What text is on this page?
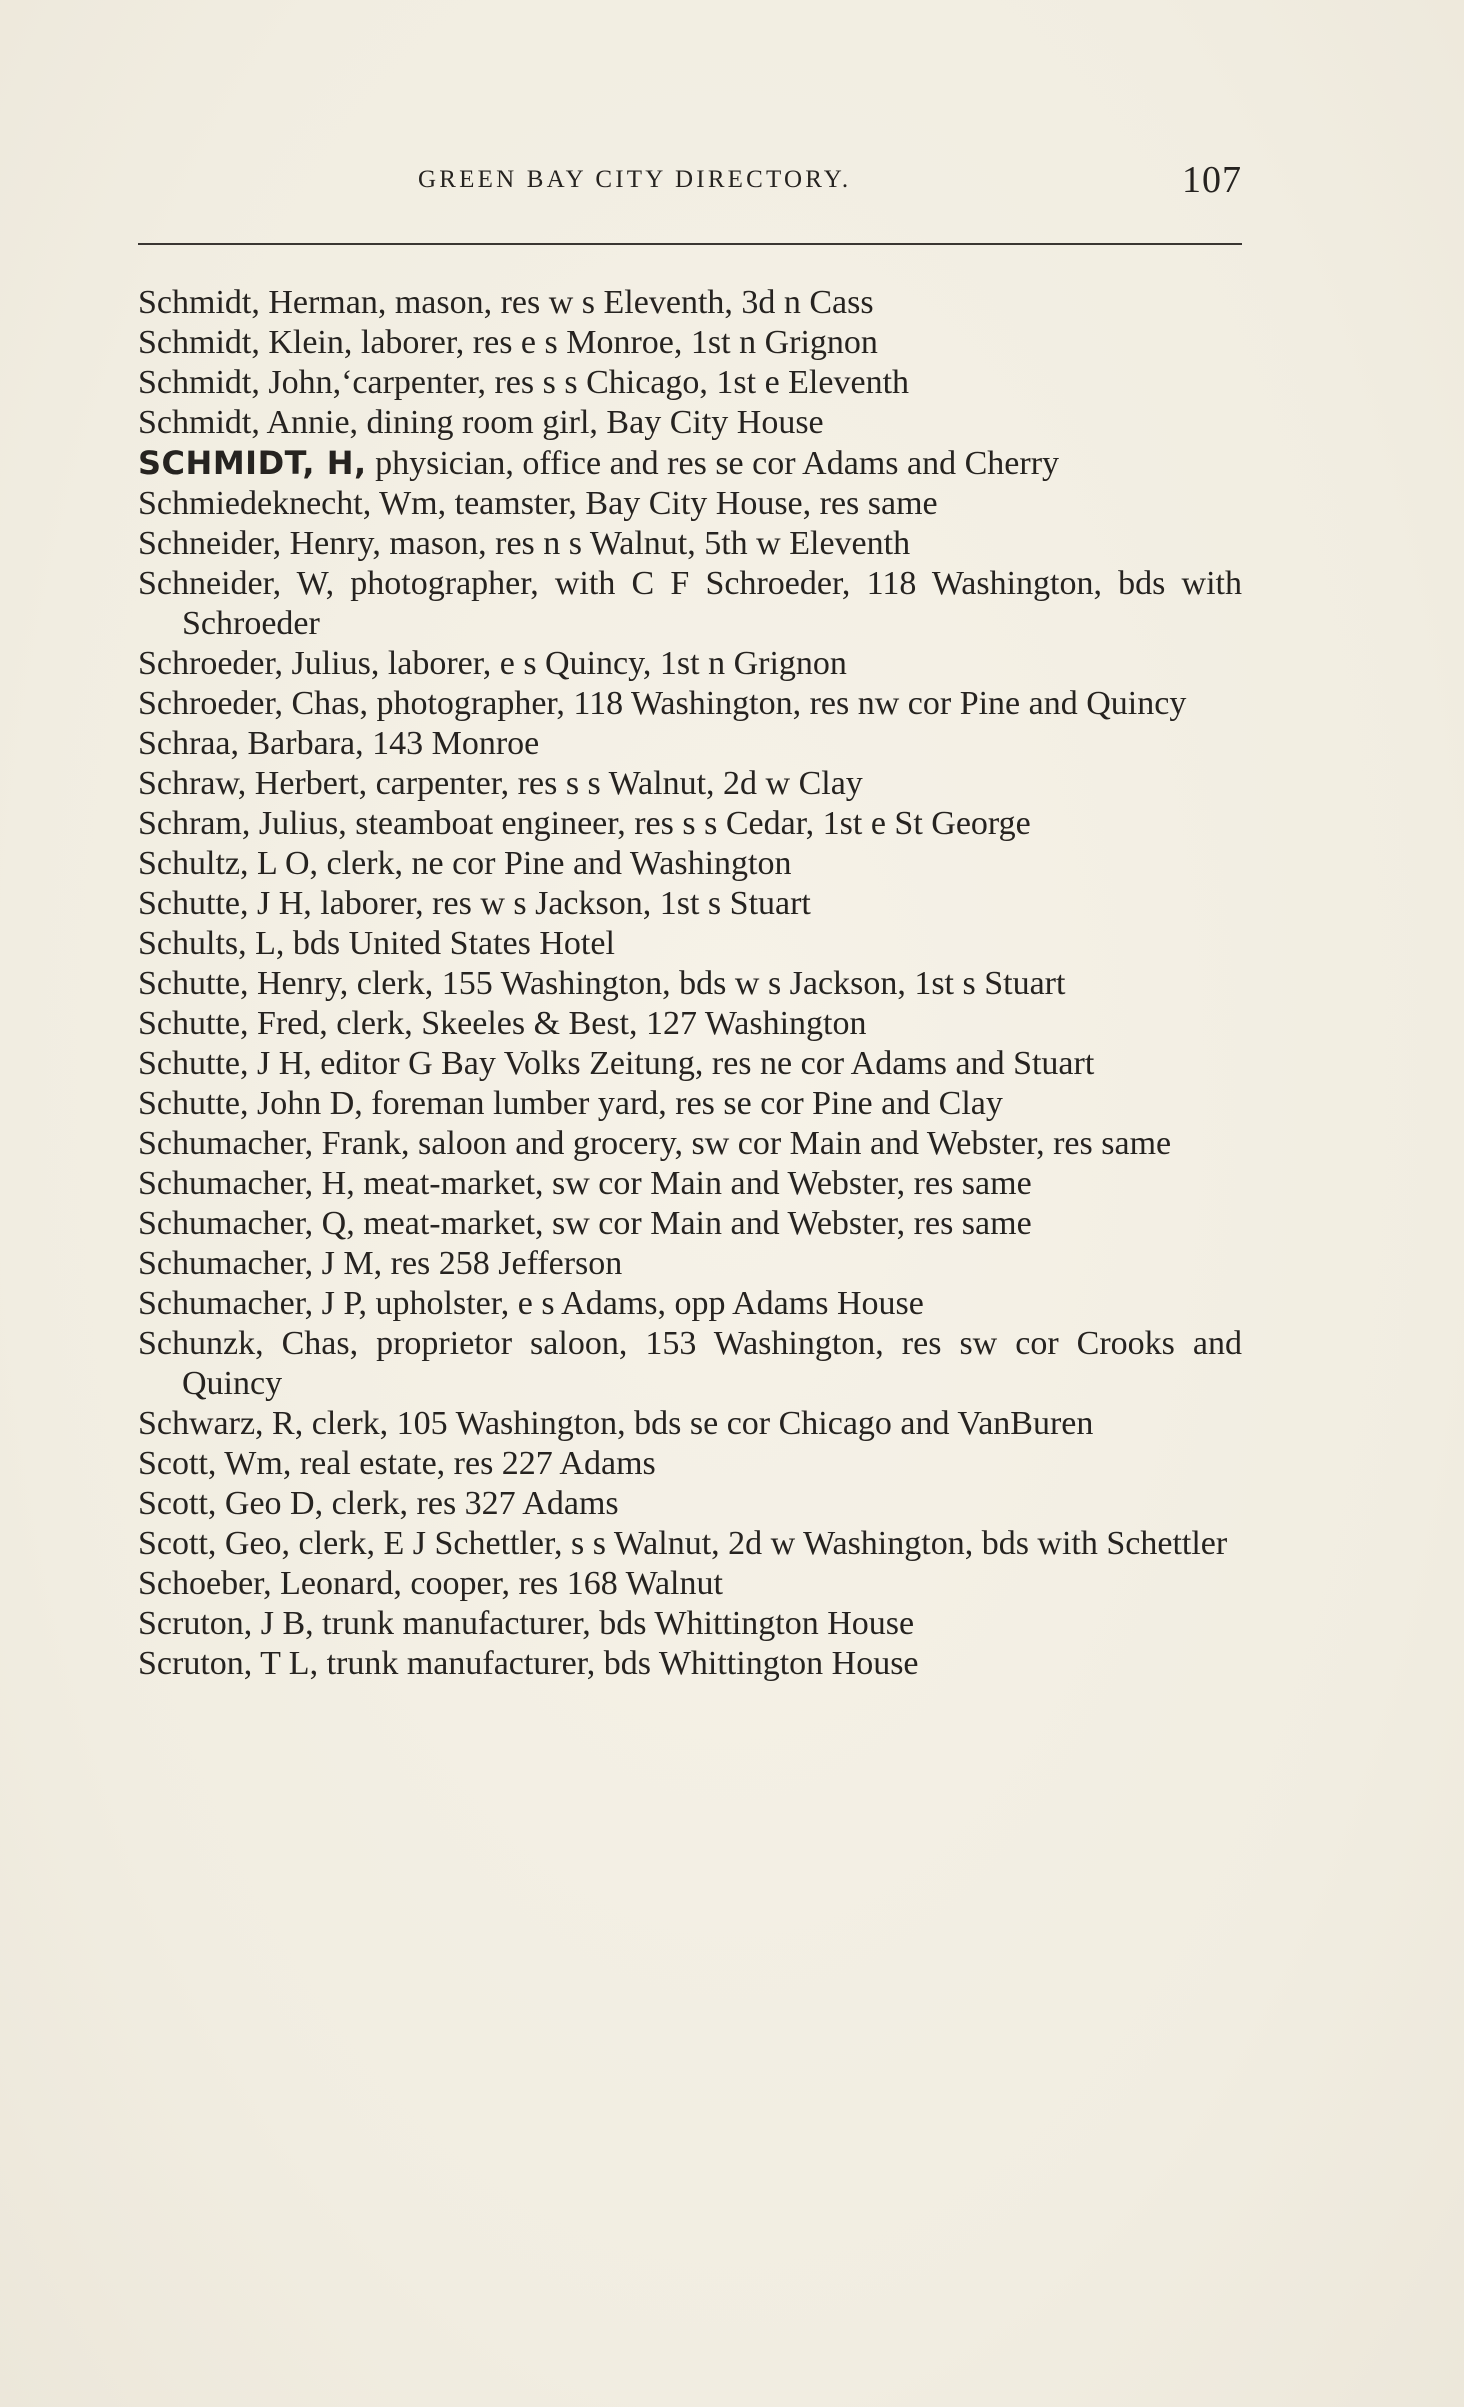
GREEN BAY CITY DIRECTORY.	107
Schmidt, Herman, mason, res w s Eleventh, 3d n Cass
Schmidt, Klein, laborer, res e s Monroe, 1st n Grignon
Schmidt, John,‘carpenter, res s s Chicago, 1st e Eleventh
Schmidt, Annie, dining room girl, Bay City House
SCHMIDT, H, physician, office and res se cor Adams and Cherry
Schmiedeknecht, Wm, teamster, Bay City House, res same
Schneider, Henry, mason, res n s Walnut, 5th w Eleventh
Schneider, W, photographer, with C F Schroeder, 118 Washington, bds with Schroeder
Schroeder, Julius, laborer, e s Quincy, 1st n Grignon
Schroeder, Chas, photographer, 118 Washington, res nw cor Pine and Quincy
Schraa, Barbara, 143 Monroe
Schraw, Herbert, carpenter, res s s Walnut, 2d w Clay
Schram, Julius, steamboat engineer, res s s Cedar, 1st e St George
Schultz, L O, clerk, ne cor Pine and Washington
Schutte, J H, laborer, res w s Jackson, 1st s Stuart
Schults, L, bds United States Hotel
Schutte, Henry, clerk, 155 Washington, bds w s Jackson, 1st s Stuart
Schutte, Fred, clerk, Skeeles & Best, 127 Washington
Schutte, J H, editor G Bay Volks Zeitung, res ne cor Adams and Stuart
Schutte, John D, foreman lumber yard, res se cor Pine and Clay
Schumacher, Frank, saloon and grocery, sw cor Main and Webster, res same
Schumacher, H, meat-market, sw cor Main and Webster, res same
Schumacher, Q, meat-market, sw cor Main and Webster, res same
Schumacher, J M, res 258 Jefferson
Schumacher, J P, upholster, e s Adams, opp Adams House
Schunzk, Chas, proprietor saloon, 153 Washington, res sw cor Crooks and Quincy
Schwarz, R, clerk, 105 Washington, bds se cor Chicago and VanBuren
Scott, Wm, real estate, res 227 Adams
Scott, Geo D, clerk, res 327 Adams
Scott, Geo, clerk, E J Schettler, s s Walnut, 2d w Washington, bds with Schettler
Schoeber, Leonard, cooper, res 168 Walnut
Scruton, J B, trunk manufacturer, bds Whittington House
Scruton, T L, trunk manufacturer, bds Whittington House
